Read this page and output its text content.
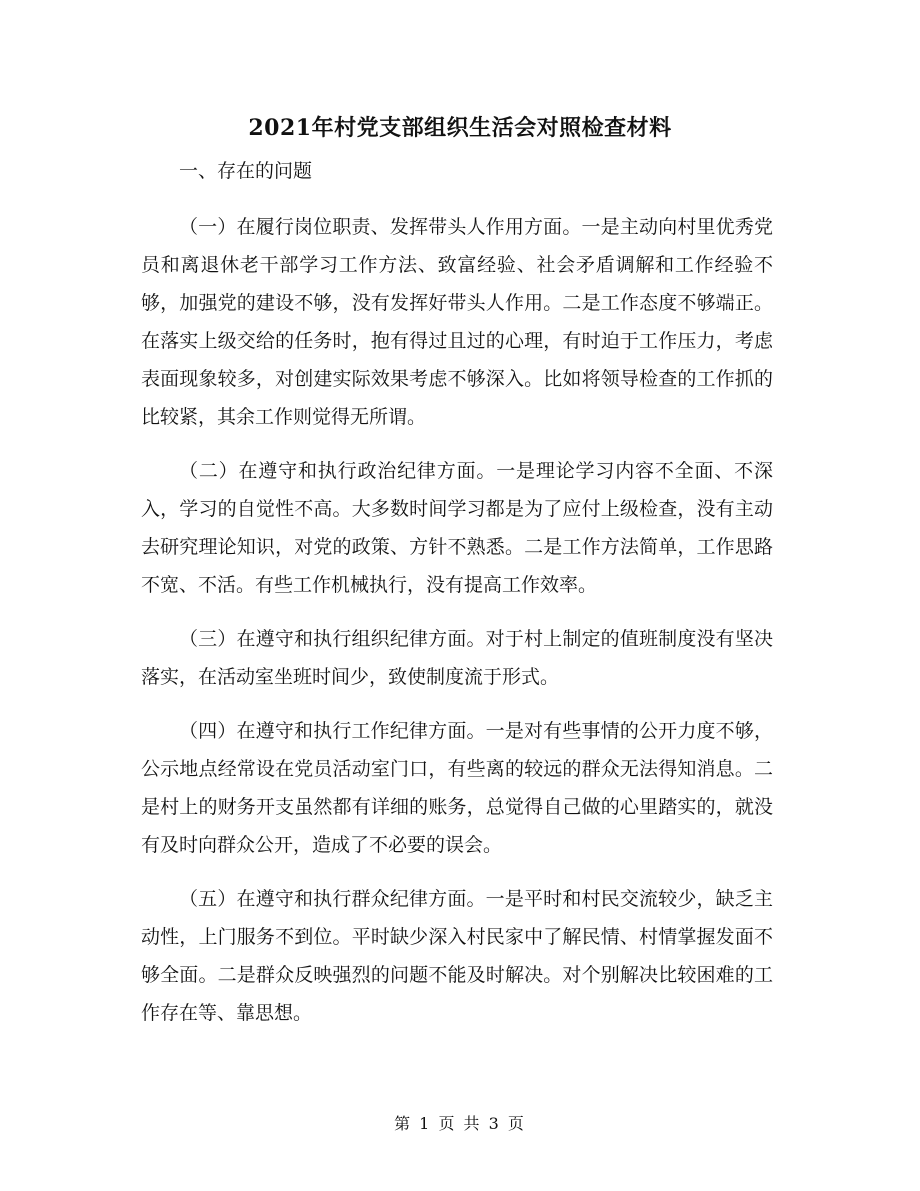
2021年村党支部组织生活会对照检查材料

一、存在的问题

（一）在履行岗位职责、发挥带头人作用方面。一是主动向村里优秀党员和离退休老干部学习工作方法、致富经验、社会矛盾调解和工作经验不够，加强党的建设不够，没有发挥好带头人作用。二是工作态度不够端正。在落实上级交给的任务时，抱有得过且过的心理，有时迫于工作压力，考虑表面现象较多，对创建实际效果考虑不够深入。比如将领导检查的工作抓的比较紧，其余工作则觉得无所谓。

（二）在遵守和执行政治纪律方面。一是理论学习内容不全面、不深入，学习的自觉性不高。大多数时间学习都是为了应付上级检查，没有主动去研究理论知识，对党的政策、方针不熟悉。二是工作方法简单，工作思路不宽、不活。有些工作机械执行，没有提高工作效率。

（三）在遵守和执行组织纪律方面。对于村上制定的值班制度没有坚决落实，在活动室坐班时间少，致使制度流于形式。

（四）在遵守和执行工作纪律方面。一是对有些事情的公开力度不够，公示地点经常设在党员活动室门口，有些离的较远的群众无法得知消息。二是村上的财务开支虽然都有详细的账务，总觉得自己做的心里踏实的，就没有及时向群众公开，造成了不必要的误会。

（五）在遵守和执行群众纪律方面。一是平时和村民交流较少，缺乏主动性，上门服务不到位。平时缺少深入村民家中了解民情、村情掌握发面不够全面。二是群众反映强烈的问题不能及时解决。对个别解决比较困难的工作存在等、靠思想。

第 1 页 共 3 页
